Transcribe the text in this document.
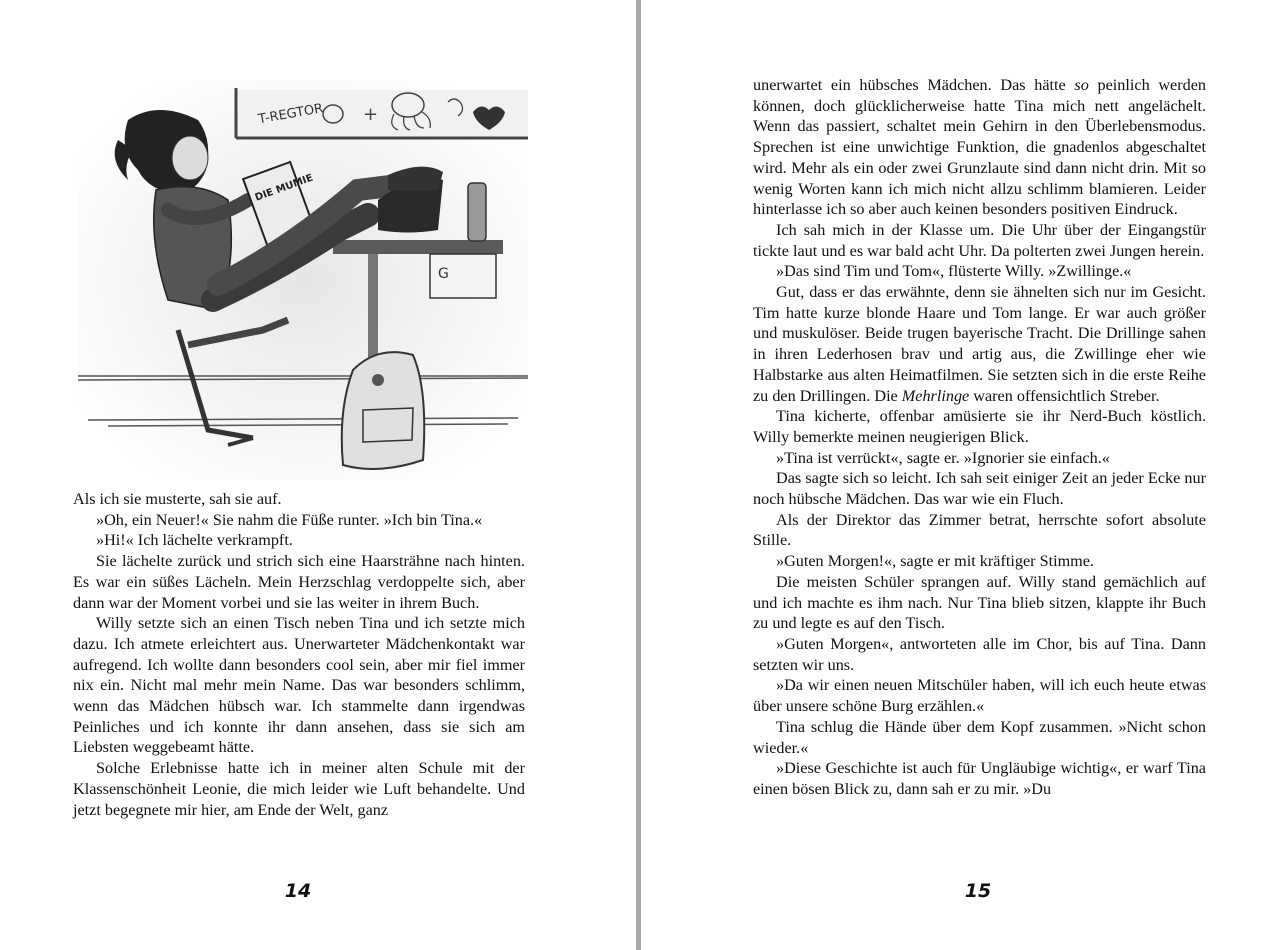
T-REGTOR +
G
DIE MUMIE

Als ich sie musterte, sah sie auf.

»Oh, ein Neuer!« Sie nahm die Füße runter. »Ich bin Tina.«

»Hi!« Ich lächelte verkrampft.

Sie lächelte zurück und strich sich eine Haarsträhne nach hinten. Es war ein süßes Lächeln. Mein Herzschlag verdoppelte sich, aber dann war der Moment vorbei und sie las weiter in ihrem Buch.

Willy setzte sich an einen Tisch neben Tina und ich setzte mich dazu. Ich atmete erleichtert aus. Unerwarteter Mädchenkontakt war aufregend. Ich wollte dann besonders cool sein, aber mir fiel immer nix ein. Nicht mal mehr mein Name. Das war besonders schlimm, wenn das Mädchen hübsch war. Ich stammelte dann irgendwas Peinliches und ich konnte ihr dann ansehen, dass sie sich am Liebsten weggebeamt hätte.

Solche Erlebnisse hatte ich in meiner alten Schule mit der Klassenschönheit Leonie, die mich leider wie Luft behandelte. Und jetzt begegnete mir hier, am Ende der Welt, ganz

14

unerwartet ein hübsches Mädchen. Das hätte so peinlich werden können, doch glücklicherweise hatte Tina mich nett angelächelt. Wenn das passiert, schaltet mein Gehirn in den Überlebensmodus. Sprechen ist eine unwichtige Funktion, die gnadenlos abgeschaltet wird. Mehr als ein oder zwei Grunzlaute sind dann nicht drin. Mit so wenig Worten kann ich mich nicht allzu schlimm blamieren. Leider hinterlasse ich so aber auch keinen besonders positiven Eindruck.

Ich sah mich in der Klasse um. Die Uhr über der Eingangstür tickte laut und es war bald acht Uhr. Da polterten zwei Jungen herein.

»Das sind Tim und Tom«, flüsterte Willy. »Zwillinge.«

Gut, dass er das erwähnte, denn sie ähnelten sich nur im Gesicht. Tim hatte kurze blonde Haare und Tom lange. Er war auch größer und muskulöser. Beide trugen bayerische Tracht. Die Drillinge sahen in ihren Lederhosen brav und artig aus, die Zwillinge eher wie Halbstarke aus alten Heimatfilmen. Sie setzten sich in die erste Reihe zu den Drillingen. Die Mehrlinge waren offensichtlich Streber.

Tina kicherte, offenbar amüsierte sie ihr Nerd-Buch köstlich. Willy bemerkte meinen neugierigen Blick.

»Tina ist verrückt«, sagte er. »Ignorier sie einfach.«

Das sagte sich so leicht. Ich sah seit einiger Zeit an jeder Ecke nur noch hübsche Mädchen. Das war wie ein Fluch.

Als der Direktor das Zimmer betrat, herrschte sofort absolute Stille.

»Guten Morgen!«, sagte er mit kräftiger Stimme.

Die meisten Schüler sprangen auf. Willy stand gemächlich auf und ich machte es ihm nach. Nur Tina blieb sitzen, klappte ihr Buch zu und legte es auf den Tisch.

»Guten Morgen«, antworteten alle im Chor, bis auf Tina. Dann setzten wir uns.

»Da wir einen neuen Mitschüler haben, will ich euch heute etwas über unsere schöne Burg erzählen.«

Tina schlug die Hände über dem Kopf zusammen. »Nicht schon wieder.«

»Diese Geschichte ist auch für Ungläubige wichtig«, er warf Tina einen bösen Blick zu, dann sah er zu mir. »Du

15
